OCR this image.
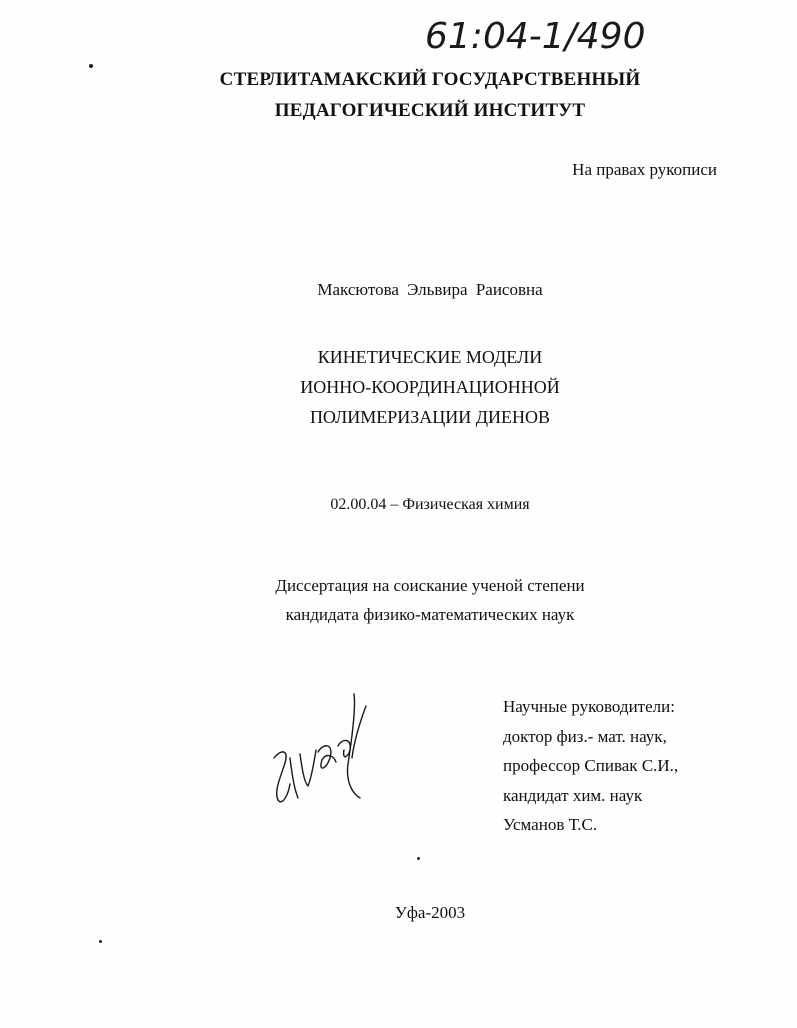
61:04-1/490
СТЕРЛИТАМАКСКИЙ ГОСУДАРСТВЕННЫЙ
ПЕДАГОГИЧЕСКИЙ ИНСТИТУТ
На правах рукописи
Максютова Эльвира Раисовна
КИНЕТИЧЕСКИЕ МОДЕЛИ
ИОННО-КООРДИНАЦИОННОЙ
ПОЛИМЕРИЗАЦИИ ДИЕНОВ
02.00.04 – Физическая химия
Диссертация на соискание ученой степени
кандидата физико-математических наук
Научные руководители:
доктор физ.- мат. наук,
профессор Спивак С.И.,
кандидат хим. наук
Усманов Т.С.
Уфа-2003
